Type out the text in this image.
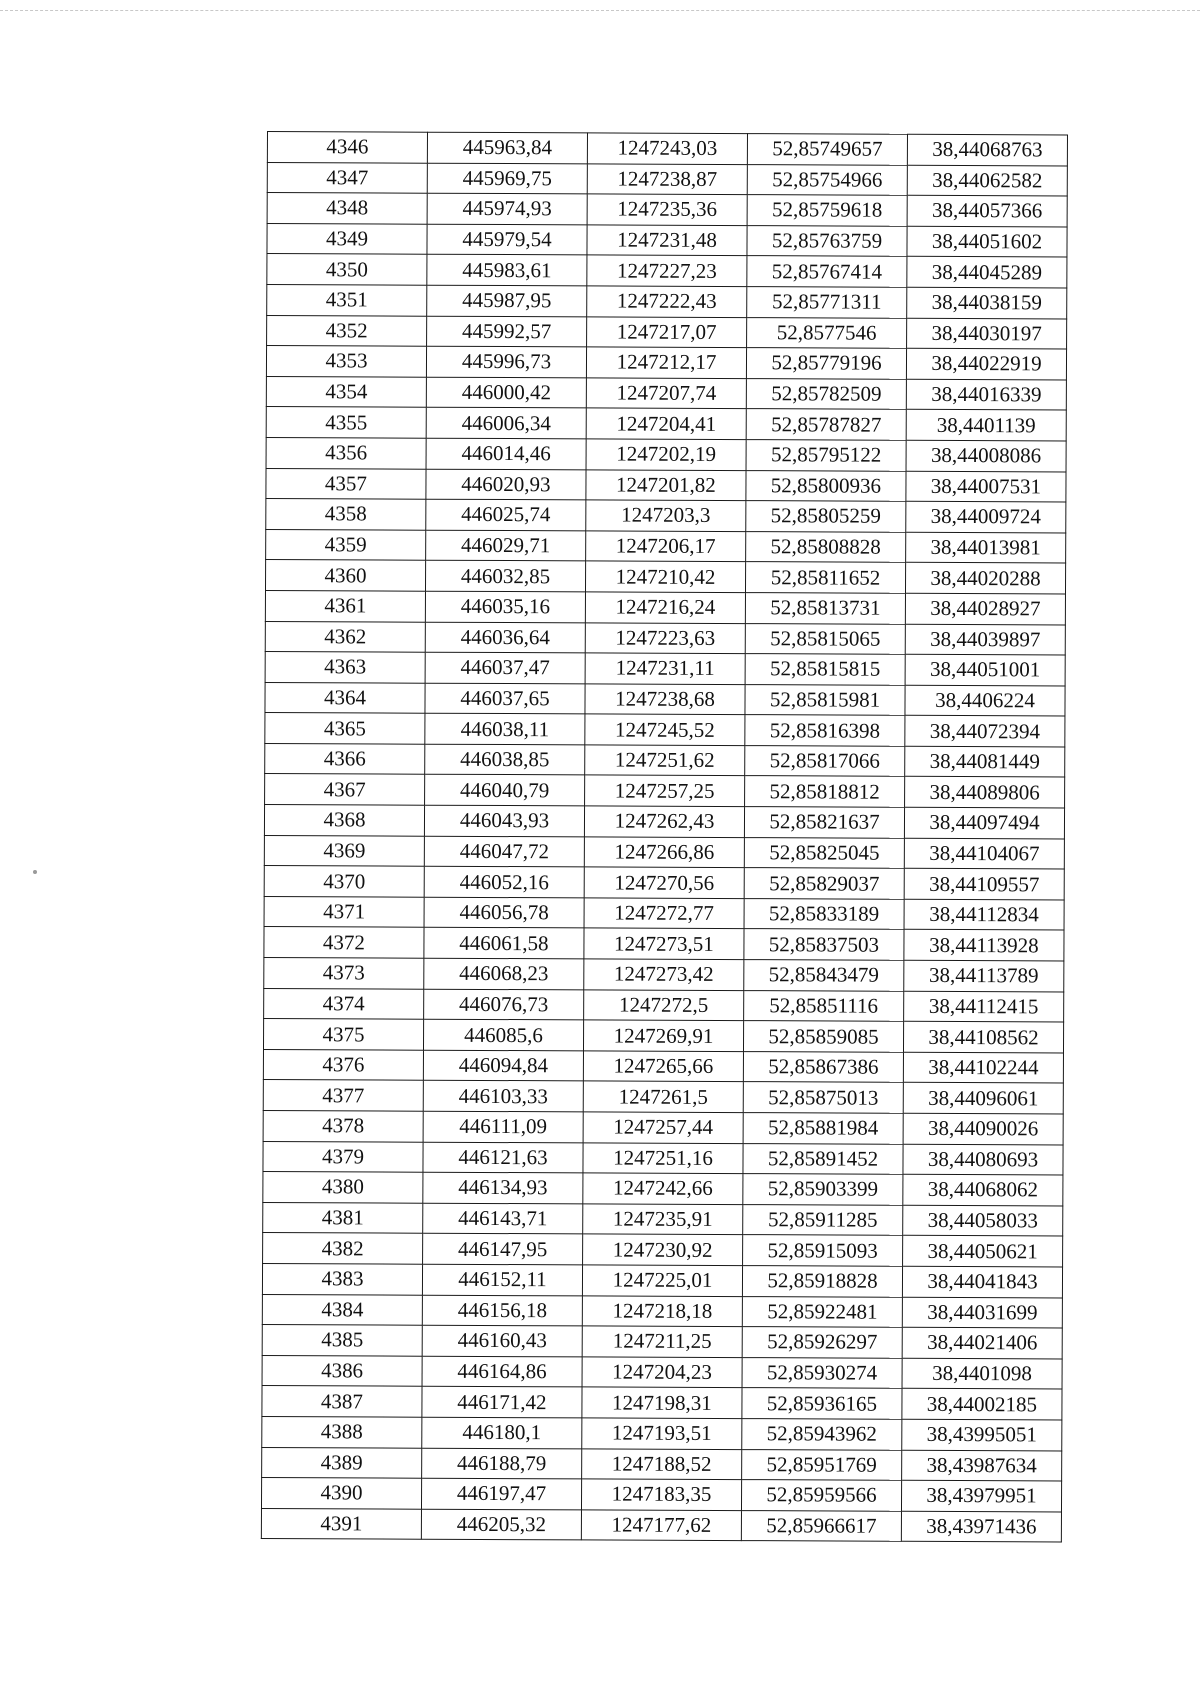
4346	445963,84	1247243,03	52,85749657	38,44068763
4347	445969,75	1247238,87	52,85754966	38,44062582
4348	445974,93	1247235,36	52,85759618	38,44057366
4349	445979,54	1247231,48	52,85763759	38,44051602
4350	445983,61	1247227,23	52,85767414	38,44045289
4351	445987,95	1247222,43	52,85771311	38,44038159
4352	445992,57	1247217,07	52,8577546	38,44030197
4353	445996,73	1247212,17	52,85779196	38,44022919
4354	446000,42	1247207,74	52,85782509	38,44016339
4355	446006,34	1247204,41	52,85787827	38,4401139
4356	446014,46	1247202,19	52,85795122	38,44008086
4357	446020,93	1247201,82	52,85800936	38,44007531
4358	446025,74	1247203,3	52,85805259	38,44009724
4359	446029,71	1247206,17	52,85808828	38,44013981
4360	446032,85	1247210,42	52,85811652	38,44020288
4361	446035,16	1247216,24	52,85813731	38,44028927
4362	446036,64	1247223,63	52,85815065	38,44039897
4363	446037,47	1247231,11	52,85815815	38,44051001
4364	446037,65	1247238,68	52,85815981	38,4406224
4365	446038,11	1247245,52	52,85816398	38,44072394
4366	446038,85	1247251,62	52,85817066	38,44081449
4367	446040,79	1247257,25	52,85818812	38,44089806
4368	446043,93	1247262,43	52,85821637	38,44097494
4369	446047,72	1247266,86	52,85825045	38,44104067
4370	446052,16	1247270,56	52,85829037	38,44109557
4371	446056,78	1247272,77	52,85833189	38,44112834
4372	446061,58	1247273,51	52,85837503	38,44113928
4373	446068,23	1247273,42	52,85843479	38,44113789
4374	446076,73	1247272,5	52,85851116	38,44112415
4375	446085,6	1247269,91	52,85859085	38,44108562
4376	446094,84	1247265,66	52,85867386	38,44102244
4377	446103,33	1247261,5	52,85875013	38,44096061
4378	446111,09	1247257,44	52,85881984	38,44090026
4379	446121,63	1247251,16	52,85891452	38,44080693
4380	446134,93	1247242,66	52,85903399	38,44068062
4381	446143,71	1247235,91	52,85911285	38,44058033
4382	446147,95	1247230,92	52,85915093	38,44050621
4383	446152,11	1247225,01	52,85918828	38,44041843
4384	446156,18	1247218,18	52,85922481	38,44031699
4385	446160,43	1247211,25	52,85926297	38,44021406
4386	446164,86	1247204,23	52,85930274	38,4401098
4387	446171,42	1247198,31	52,85936165	38,44002185
4388	446180,1	1247193,51	52,85943962	38,43995051
4389	446188,79	1247188,52	52,85951769	38,43987634
4390	446197,47	1247183,35	52,85959566	38,43979951
4391	446205,32	1247177,62	52,85966617	38,43971436
